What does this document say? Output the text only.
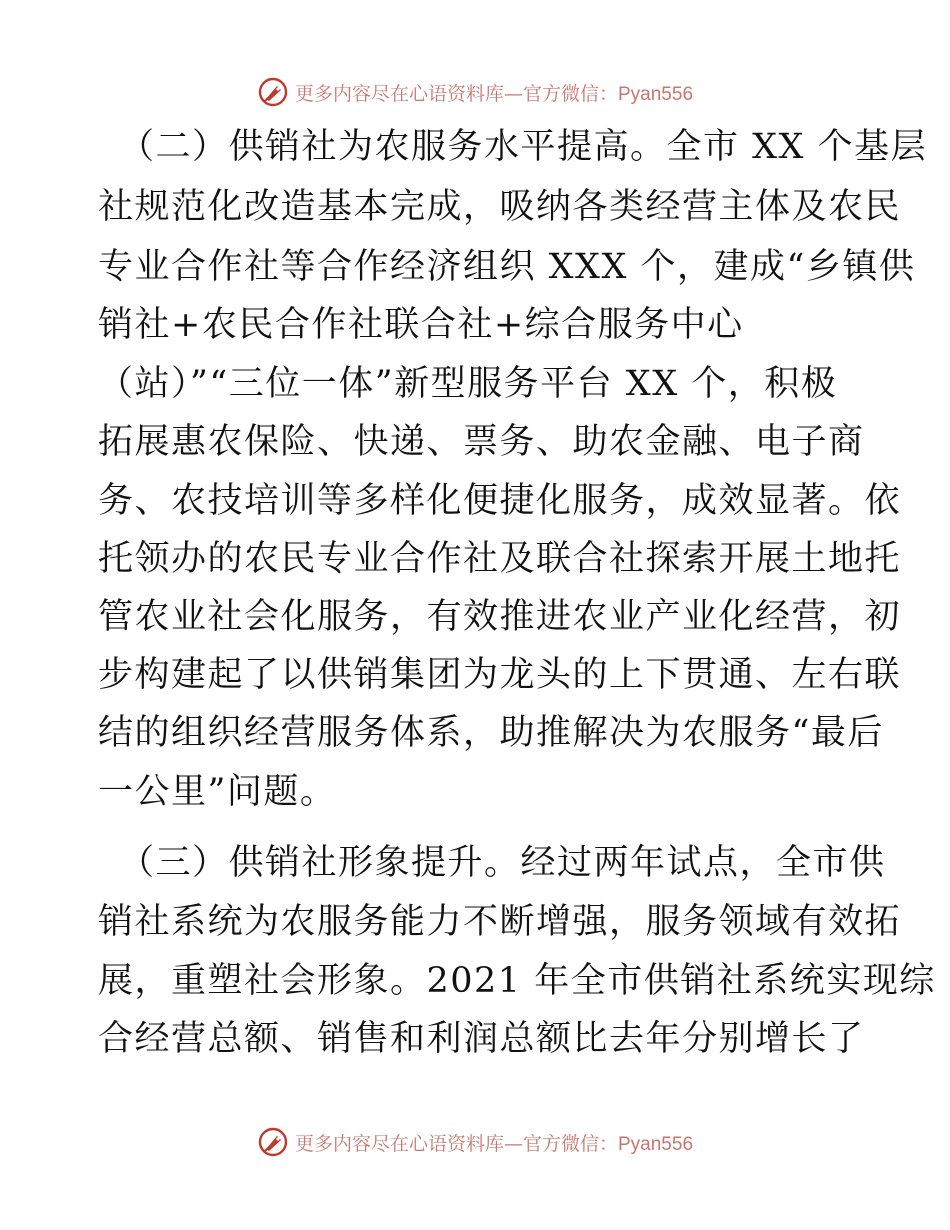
更多内容尽在心语资料库—官方微信：Pyan556
（二）供销社为农服务水平提高。全市 XX 个基层
社规范化改造基本完成，吸纳各类经营主体及农民
专业合作社等合作经济组织 XXX 个，建成“乡镇供
销社+农民合作社联合社+综合服务中心
（站）”“三位一体”新型服务平台 XX 个，积极
拓展惠农保险、快递、票务、助农金融、电子商
务、农技培训等多样化便捷化服务，成效显著。依
托领办的农民专业合作社及联合社探索开展土地托
管农业社会化服务，有效推进农业产业化经营，初
步构建起了以供销集团为龙头的上下贯通、左右联
结的组织经营服务体系，助推解决为农服务“最后
一公里”问题。
（三）供销社形象提升。经过两年试点，全市供
销社系统为农服务能力不断增强，服务领域有效拓
展，重塑社会形象。2021 年全市供销社系统实现综
合经营总额、销售和利润总额比去年分别增长了
更多内容尽在心语资料库—官方微信：Pyan556
